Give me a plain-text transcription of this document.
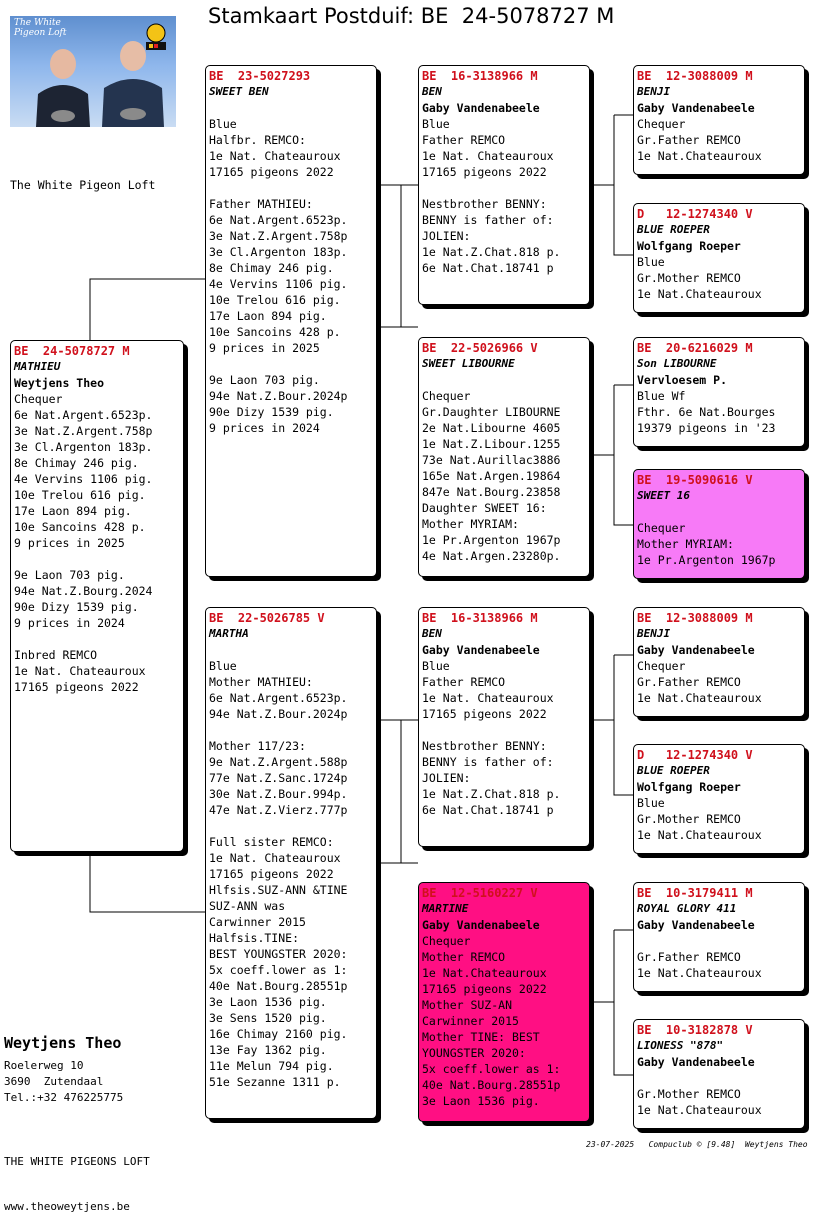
Stamkaart Postduif: BE  24-5078727 M
The White Pigeon Loft
The White Pigeon Loft
BE  24-5078727 M
MATHIEU
Weytjens Theo
Chequer
6e Nat.Argent.6523p.
3e Nat.Z.Argent.758p
3e Cl.Argenton 183p.
8e Chimay 246 pig.
4e Vervins 1106 pig.
10e Trelou 616 pig.
17e Laon 894 pig.
10e Sancoins 428 p.
9 prices in 2025
9e Laon 703 pig.
94e Nat.Z.Bourg.2024
90e Dizy 1539 pig.
9 prices in 2024
Inbred REMCO
1e Nat. Chateauroux
17165 pigeons 2022
BE  23-5027293
SWEET BEN
Blue
Halfbr. REMCO:
1e Nat. Chateauroux
17165 pigeons 2022
Father MATHIEU:
6e Nat.Argent.6523p.
3e Nat.Z.Argent.758p
3e Cl.Argenton 183p.
8e Chimay 246 pig.
4e Vervins 1106 pig.
10e Trelou 616 pig.
17e Laon 894 pig.
10e Sancoins 428 p.
9 prices in 2025
9e Laon 703 pig.
94e Nat.Z.Bour.2024p
90e Dizy 1539 pig.
9 prices in 2024
BE  22-5026785 V
MARTHA
Blue
Mother MATHIEU:
6e Nat.Argent.6523p.
94e Nat.Z.Bour.2024p
Mother 117/23:
9e Nat.Z.Argent.588p
77e Nat.Z.Sanc.1724p
30e Nat.Z.Bour.994p.
47e Nat.Z.Vierz.777p
Full sister REMCO:
1e Nat. Chateauroux
17165 pigeons 2022
Hlfsis.SUZ-ANN &TINE
SUZ-ANN was
Carwinner 2015
Halfsis.TINE:
BEST YOUNGSTER 2020:
5x coeff.lower as 1:
40e Nat.Bourg.28551p
3e Laon 1536 pig.
3e Sens 1520 pig.
16e Chimay 2160 pig.
13e Fay 1362 pig.
11e Melun 794 pig.
51e Sezanne 1311 p.
BE  16-3138966 M
BEN
Gaby Vandenabeele
Blue
Father REMCO
1e Nat. Chateauroux
17165 pigeons 2022
Nestbrother BENNY:
BENNY is father of:
JOLIEN:
1e Nat.Z.Chat.818 p.
6e Nat.Chat.18741 p
BE  22-5026966 V
SWEET LIBOURNE
Chequer
Gr.Daughter LIBOURNE
2e Nat.Libourne 4605
1e Nat.Z.Libour.1255
73e Nat.Aurillac3886
165e Nat.Argen.19864
847e Nat.Bourg.23858
Daughter SWEET 16:
Mother MYRIAM:
1e Pr.Argenton 1967p
4e Nat.Argen.23280p.
BE  16-3138966 M
BEN
Gaby Vandenabeele
Blue
Father REMCO
1e Nat. Chateauroux
17165 pigeons 2022
Nestbrother BENNY:
BENNY is father of:
JOLIEN:
1e Nat.Z.Chat.818 p.
6e Nat.Chat.18741 p
BE  12-5160227 V
MARTINE
Gaby Vandenabeele
Chequer
Mother REMCO
1e Nat.Chateauroux
17165 pigeons 2022
Mother SUZ-AN
Carwinner 2015
Mother TINE: BEST
YOUNGSTER 2020:
5x coeff.lower as 1:
40e Nat.Bourg.28551p
3e Laon 1536 pig.
BE  12-3088009 M
BENJI
Gaby Vandenabeele
Chequer
Gr.Father REMCO
1e Nat.Chateauroux
D   12-1274340 V
BLUE ROEPER
Wolfgang Roeper
Blue
Gr.Mother REMCO
1e Nat.Chateauroux
BE  20-6216029 M
Son LIBOURNE
Vervloesem P.
Blue Wf
Fthr. 6e Nat.Bourges
19379 pigeons in '23
BE  19-5090616 V
SWEET 16
Chequer
Mother MYRIAM:
1e Pr.Argenton 1967p
BE  12-3088009 M
BENJI
Gaby Vandenabeele
Chequer
Gr.Father REMCO
1e Nat.Chateauroux
D   12-1274340 V
BLUE ROEPER
Wolfgang Roeper
Blue
Gr.Mother REMCO
1e Nat.Chateauroux
BE  10-3179411 M
ROYAL GLORY 411
Gaby Vandenabeele
Gr.Father REMCO
1e Nat.Chateauroux
BE  10-3182878 V
LIONESS "878"
Gaby Vandenabeele
Gr.Mother REMCO
1e Nat.Chateauroux
Weytjens Theo
Roelerweg 10
3690  Zutendaal
Tel.:+32 476225775

THE WHITE PIGEONS LOFT

www.theoweytjens.be

23-07-2025   Compuclub © [9.48]  Weytjens Theo
